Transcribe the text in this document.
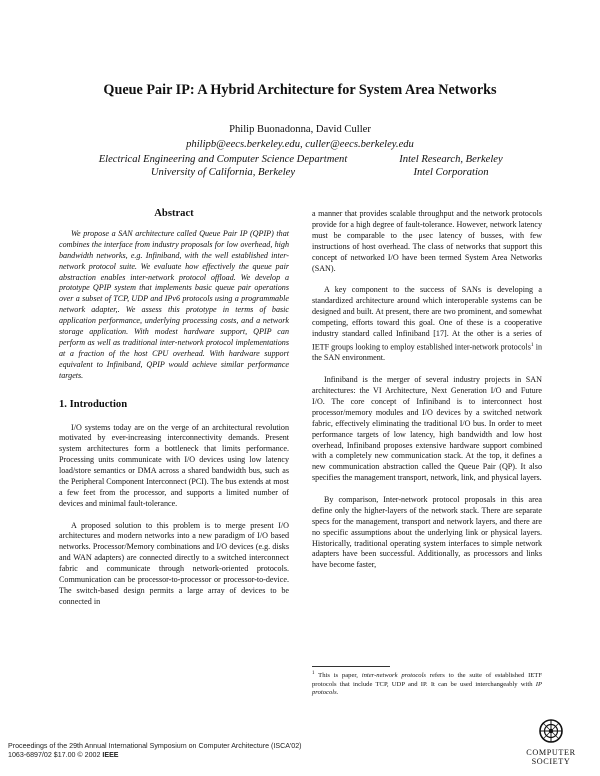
Queue Pair IP: A Hybrid Architecture for System Area Networks
Philip Buonadonna, David Culler
philipb@eecs.berkeley.edu, culler@eecs.berkeley.edu
Electrical Engineering and Computer Science Department
University of California, Berkeley
Intel Research, Berkeley
Intel Corporation
Abstract

We propose a SAN architecture called Queue Pair IP (QPIP) that combines the interface from industry proposals for low overhead, high bandwidth networks, e.g. Infiniband, with the well established inter-network protocol suite. We evaluate how effectively the queue pair abstraction enables inter-network protocol offload. We develop a prototype QPIP system that implements basic queue pair operations over a subset of TCP, UDP and IPv6 protocols using a programmable network adapter,. We assess this prototype in terms of basic application performance, underlying processing costs, and a network storage application. With modest hardware support, QPIP can perform as well as traditional inter-network protocol implementations at a fraction of the host CPU overhead. With hardware support equivalent to Infiniband, QPIP would achieve similar performance targets.

1. Introduction

I/O systems today are on the verge of an architectural revolution motivated by ever-increasing interconnectivity demands. Present system architectures form a bottleneck that limits performance. Processing units communicate with I/O devices using low latency load/store semantics or DMA across a shared bandwidth bus, such as the Peripheral Component Interconnect (PCI). The bus extends at most a few feet from the processor, and supports a limited number of devices and minimal fault-tolerance.

A proposed solution to this problem is to merge present I/O architectures and modern networks into a new paradigm of I/O based networks. Processor/Memory combinations and I/O devices (e.g. disks and WAN adapters) are connected directly to a switched interconnect fabric and communicate through network-oriented protocols. Communication can be processor-to-processor or processor-to-device. The switch-based design permits a large array of devices to be connected in

a manner that provides scalable throughput and the network protocols provide for a high degree of fault-tolerance. However, network latency must be comparable to the μsec latency of busses, with few instructions of host overhead. The class of networks that support this concept of networked I/O have been termed System Area Networks (SAN).

A key component to the success of SANs is developing a standardized architecture around which interoperable systems can be designed and built. At present, there are two prominent, and somewhat competing, efforts toward this goal. One of these is a cooperative industry standard called Infiniband [17]. At the other is a series of IETF groups looking to employ established inter-network protocols$^1$ in the SAN environment.

Infiniband is the merger of several industry projects in SAN architectures: the VI Architecture, Next Generation I/O and Future I/O. The core concept of Infiniband is to interconnect host processor/memory modules and I/O devices by a switched network fabric, effectively eliminating the traditional I/O bus. In order to meet performance targets of low latency, high bandwidth and low host overhead, Infiniband proposes extensive hardware support combined with a completely new communication stack. At the top, it defines a new communication abstraction called the Queue Pair (QP). It also specifies the management transport, network, link, and physical layers.

By comparison, Inter-network protocol proposals in this area define only the higher-layers of the network stack. There are separate specs for the management, transport and network layers, and there are no specific assumptions about the underlying link or physical layers. Historically, traditional operating system interfaces to simple network adapters have been successful. Additionally, as processors and links have become faster,

$^1$ This is paper, inter-network protocols refers to the suite of established IETF protocols that include TCP, UDP and IP. It can be used interchangeably with IP protocols.
Proceedings of the 29th Annual International Symposium on Computer Architecture (ISCA'02)
1063-6897/02 $17.00 © 2002 IEEE	COMPUTER
SOCIETY
